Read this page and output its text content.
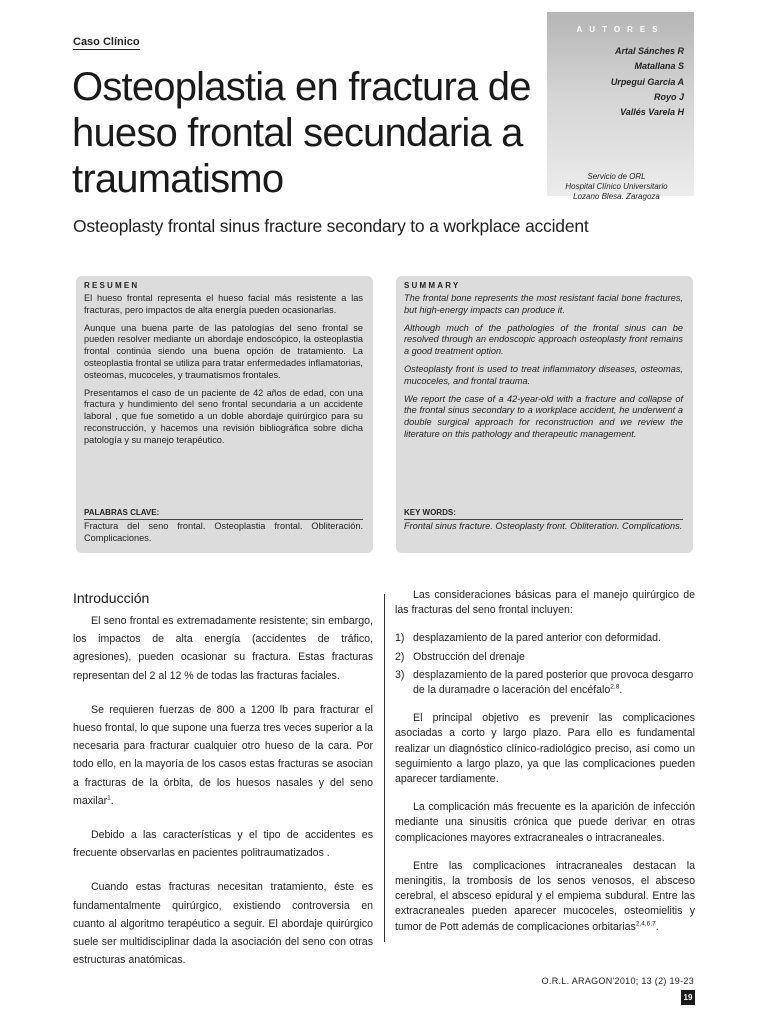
Caso Clínico
Osteoplastia en fractura de hueso frontal secundaria a traumatismo
Osteoplasty frontal sinus fracture secondary to a workplace accident
AUTORES
Artal Sánches R
Matallana S
Urpegui Garcia A
Royo J
Vallés Varela H
Servicio de ORL
Hospital Clínico Universitario
Lozano Blesa. Zaragoza
RESUMEN

El hueso frontal representa el hueso facial más resistente a las fracturas, pero impactos de alta energía pueden ocasionarlas.

Aunque una buena parte de las patologías del seno frontal se pueden resolver mediante un abordaje endoscópico, la osteoplastia frontal continúa siendo una buena opción de tratamiento. La osteoplastia frontal se utiliza para tratar enfermedades inflamatorias, osteomas, mucoceles, y traumatismos frontales.

Presentamos el caso de un paciente de 42 años de edad, con una fractura y hundimiento del seno frontal secundaria a un accidente laboral , que fue sometido a un doble abordaje quirúrgico para su reconstrucción, y hacemos una revisión bibliográfica sobre dicha patología y su manejo terapéutico.

PALABRAS CLAVE:
Fractura del seno frontal. Osteoplastia frontal. Obliteración. Complicaciones.
SUMMARY

The frontal bone represents the most resistant facial bone fractures, but high-energy impacts can produce it.

Although much of the pathologies of the frontal sinus can be resolved through an endoscopic approach osteoplasty front remains a good treatment option.

Osteoplasty front is used to treat inflammatory diseases, osteomas, mucoceles, and frontal trauma.

We report the case of a 42-year-old with a fracture and collapse of the frontal sinus secondary to a workplace accident, he underwent a double surgical approach for reconstruction and we review the literature on this pathology and therapeutic management.

KEY WORDS:
Frontal sinus fracture. Osteoplasty front. Obliteration. Complications.
Introducción

El seno frontal es extremadamente resistente; sin embargo, los impactos de alta energía (accidentes de tráfico, agresiones), pueden ocasionar su fractura. Estas fracturas representan del 2 al 12 % de todas las fracturas faciales.

Se requieren fuerzas de 800 a 1200 lb para fracturar el hueso frontal, lo que supone una fuerza tres veces superior a la necesaria para fracturar cualquier otro hueso de la cara. Por todo ello, en la mayoría de los casos estas fracturas se asocian a fracturas de la órbita, de los huesos nasales y del seno maxilar$^1$.

Debido a las características y el tipo de accidentes es frecuente observarlas en pacientes politraumatizados .

Cuando estas fracturas necesitan tratamiento, éste es fundamentalmente quirúrgico, existiendo controversia en cuanto al algoritmo terapéutico a seguir. El abordaje quirúrgico suele ser multidisciplinar dada la asociación del seno con otras estructuras anatómicas.

Las consideraciones básicas para el manejo quirúrgico de las fracturas del seno frontal incluyen:

1) desplazamiento de la pared anterior con deformidad.
2) Obstrucción del drenaje
3) desplazamiento de la pared posterior que provoca desgarro de la duramadre o laceración del encéfalo$^{2,8}$.

El principal objetivo es prevenir las complicaciones asociadas a corto y largo plazo. Para ello es fundamental realizar un diagnóstico clínico-radiológico preciso, así como un seguimiento a largo plazo, ya que las complicaciones pueden aparecer tardiamente.

La complicación más frecuente es la aparición de infección mediante una sinusitis crónica que puede derivar en otras complicaciones mayores extracraneales o intracraneales.

Entre las complicaciones intracraneales destacan la meningitis, la trombosis de los senos venosos, el absceso cerebral, el absceso epidural y el empiema subdural. Entre las extracraneales pueden aparecer mucoceles, osteomielitis y tumor de Pott además de complicaciones orbitarias$^{2,4,6,7}$.

O.R.L. ARAGON'2010; 13 (2) 19-23
19
